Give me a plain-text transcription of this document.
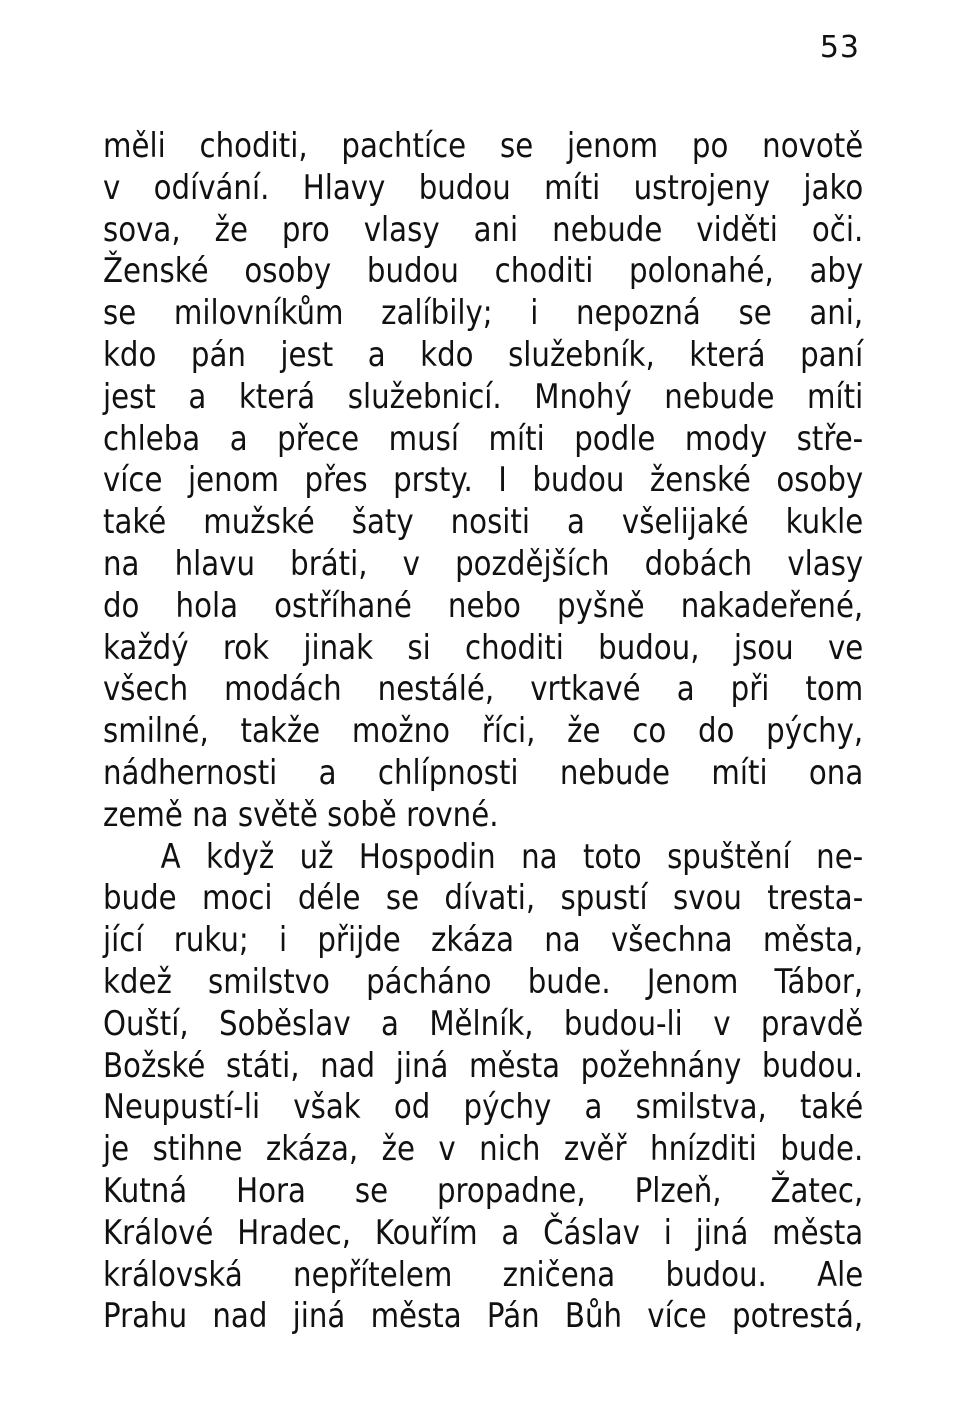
53
měli choditi, pachtíce se jenom po novotě
v odívání. Hlavy budou míti ustrojeny jako
sova, že pro vlasy ani nebude viděti oči.
Ženské osoby budou choditi polonahé, aby
se milovníkům zalíbily; i nepozná se ani,
kdo pán jest a kdo služebník, která paní
jest a která služebnicí. Mnohý nebude míti
chleba a přece musí míti podle mody stře-
více jenom přes prsty. I budou ženské osoby
také mužské šaty nositi a všelijaké kukle
na hlavu bráti, v pozdějších dobách vlasy
do hola ostříhané nebo pyšně nakadeřené,
každý rok jinak si choditi budou, jsou ve
všech modách nestálé, vrtkavé a při tom
smilné, takže možno říci, že co do pýchy,
nádhernosti a chlípnosti nebude míti ona
země na světě sobě rovné.
A když už Hospodin na toto spuštění ne-
bude moci déle se dívati, spustí svou tresta-
jící ruku; i přijde zkáza na všechna města,
kdež smilstvo pácháno bude. Jenom Tábor,
Ouští, Soběslav a Mělník, budou-li v pravdě
Božské státi, nad jiná města požehnány budou.
Neupustí-li však od pýchy a smilstva, také
je stihne zkáza, že v nich zvěř hnízditi bude.
Kutná Hora se propadne, Plzeň, Žatec,
Králové Hradec, Kouřím a Čáslav i jiná města
královská nepřítelem zničena budou. Ale
Prahu nad jiná města Pán Bůh více potrestá,
